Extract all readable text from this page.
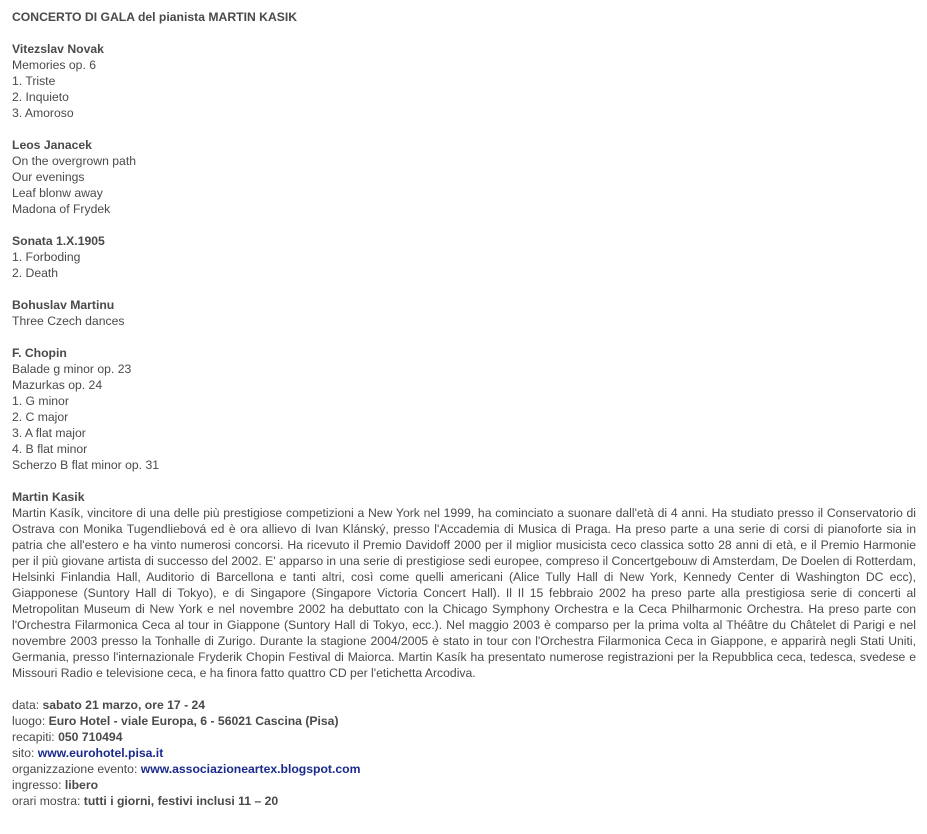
CONCERTO DI GALA del pianista MARTIN KASIK
Vitezslav Novak
Memories op. 6
1. Triste
2. Inquieto
3. Amoroso
Leos Janacek
On the overgrown path
Our evenings
Leaf blonw away
Madona of Frydek
Sonata 1.X.1905
1. Forboding
2. Death
Bohuslav Martinu
Three Czech dances
F. Chopin
Balade g minor op. 23
Mazurkas op. 24
1. G minor
2. C major
3. A flat major
4. B flat minor
Scherzo B flat minor op. 31
Martin Kasik

Martin Kasík, vincitore di una delle più prestigiose competizioni a New York nel 1999, ha cominciato a suonare dall'età di 4 anni. Ha studiato presso il Conservatorio di Ostrava con Monika Tugendliebová ed è ora allievo di Ivan Klánský, presso l'Accademia di Musica di Praga. Ha preso parte a una serie di corsi di pianoforte sia in patria che all'estero e ha vinto numerosi concorsi. Ha ricevuto il Premio Davidoff 2000 per il miglior musicista ceco classica sotto 28 anni di età, e il Premio Harmonie per il più giovane artista di successo del 2002. E' apparso in una serie di prestigiose sedi europee, compreso il Concertgebouw di Amsterdam, De Doelen di Rotterdam, Helsinki Finlandia Hall, Auditorio di Barcellona e tanti altri, così come quelli americani (Alice Tully Hall di New York, Kennedy Center di Washington DC ecc), Giapponese (Suntory Hall di Tokyo), e di Singapore (Singapore Victoria Concert Hall). Il Il 15 febbraio 2002 ha preso parte alla prestigiosa serie di concerti al Metropolitan Museum di New York e nel novembre 2002 ha debuttato con la Chicago Symphony Orchestra e la Ceca Philharmonic Orchestra. Ha preso parte con l'Orchestra Filarmonica Ceca al tour in Giappone (Suntory Hall di Tokyo, ecc.). Nel maggio 2003 è comparso per la prima volta al Théâtre du Châtelet di Parigi e nel novembre 2003 presso la Tonhalle di Zurigo. Durante la stagione 2004/2005 è stato in tour con l'Orchestra Filarmonica Ceca in Giappone, e apparirà negli Stati Uniti, Germania, presso l'internazionale Fryderik Chopin Festival di Maiorca. Martin Kasík ha presentato numerose registrazioni per la Repubblica ceca, tedesca, svedese e Missouri Radio e televisione ceca, e ha finora fatto quattro CD per l'etichetta Arcodiva.

data: sabato 21 marzo, ore 17 - 24
luogo: Euro Hotel - viale Europa, 6 - 56021 Cascina (Pisa)
recapiti: 050 710494
sito: www.eurohotel.pisa.it
organizzazione evento: www.associazioneartex.blogspot.com
ingresso: libero
orari mostra: tutti i giorni, festivi inclusi 11 – 20
